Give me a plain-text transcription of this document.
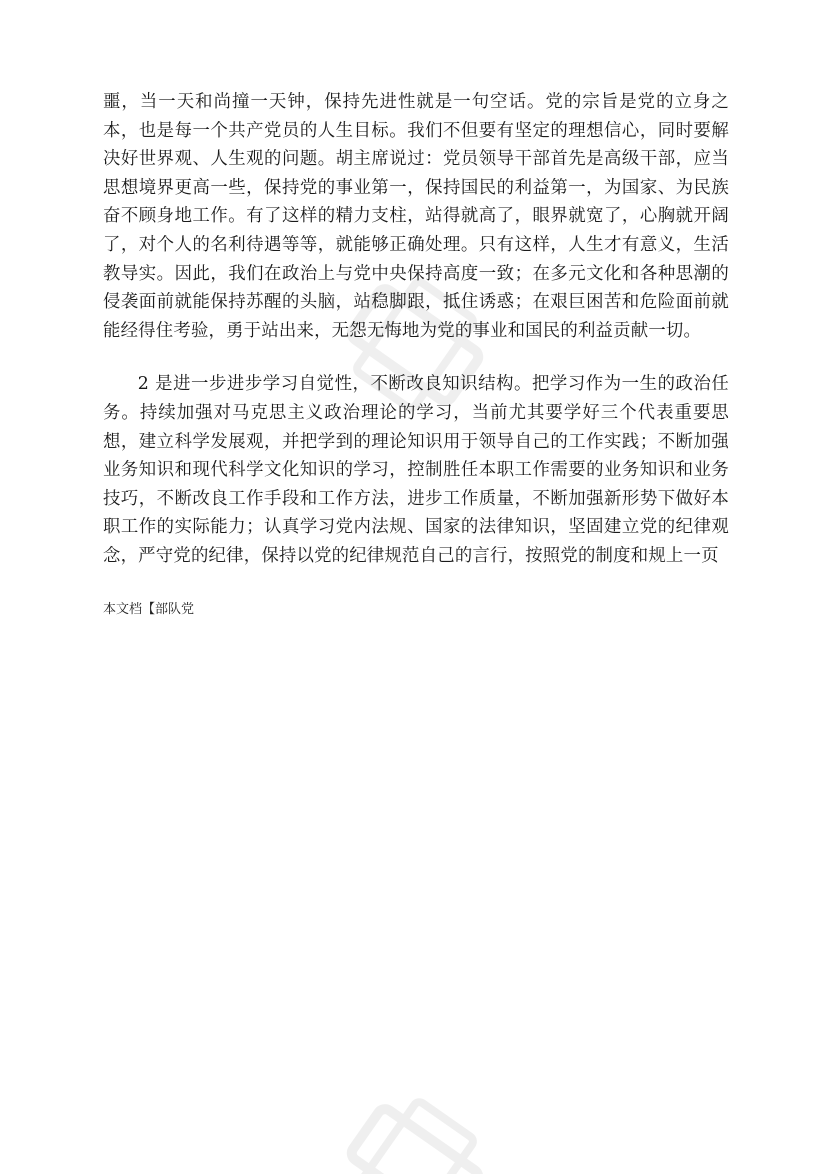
噩，当一天和尚撞一天钟，保持先进性就是一句空话。党的宗旨是党的立身之本，也是每一个共产党员的人生目标。我们不但要有坚定的理想信心，同时要解决好世界观、人生观的问题。胡主席说过：党员领导干部首先是高级干部，应当思想境界更高一些，保持党的事业第一，保持国民的利益第一，为国家、为民族奋不顾身地工作。有了这样的精力支柱，站得就高了，眼界就宽了，心胸就开阔了，对个人的名利待遇等等，就能够正确处理。只有这样，人生才有意义，生活教导实。因此，我们在政治上与党中央保持高度一致；在多元文化和各种思潮的侵袭面前就能保持苏醒的头脑，站稳脚跟，抵住诱惑；在艰巨困苦和危险面前就能经得住考验，勇于站出来，无怨无悔地为党的事业和国民的利益贡献一切。

2 是进一步进步学习自觉性，不断改良知识结构。把学习作为一生的政治任务。持续加强对马克思主义政治理论的学习，当前尤其要学好三个代表重要思想，建立科学发展观，并把学到的理论知识用于领导自己的工作实践；不断加强业务知识和现代科学文化知识的学习，控制胜任本职工作需要的业务知识和业务技巧，不断改良工作手段和工作方法，进步工作质量，不断加强新形势下做好本职工作的实际能力；认真学习党内法规、国家的法律知识，坚固建立党的纪律观念，严守党的纪律，保持以党的纪律规范自己的言行，按照党的制度和规上一页

本文档【部队党
